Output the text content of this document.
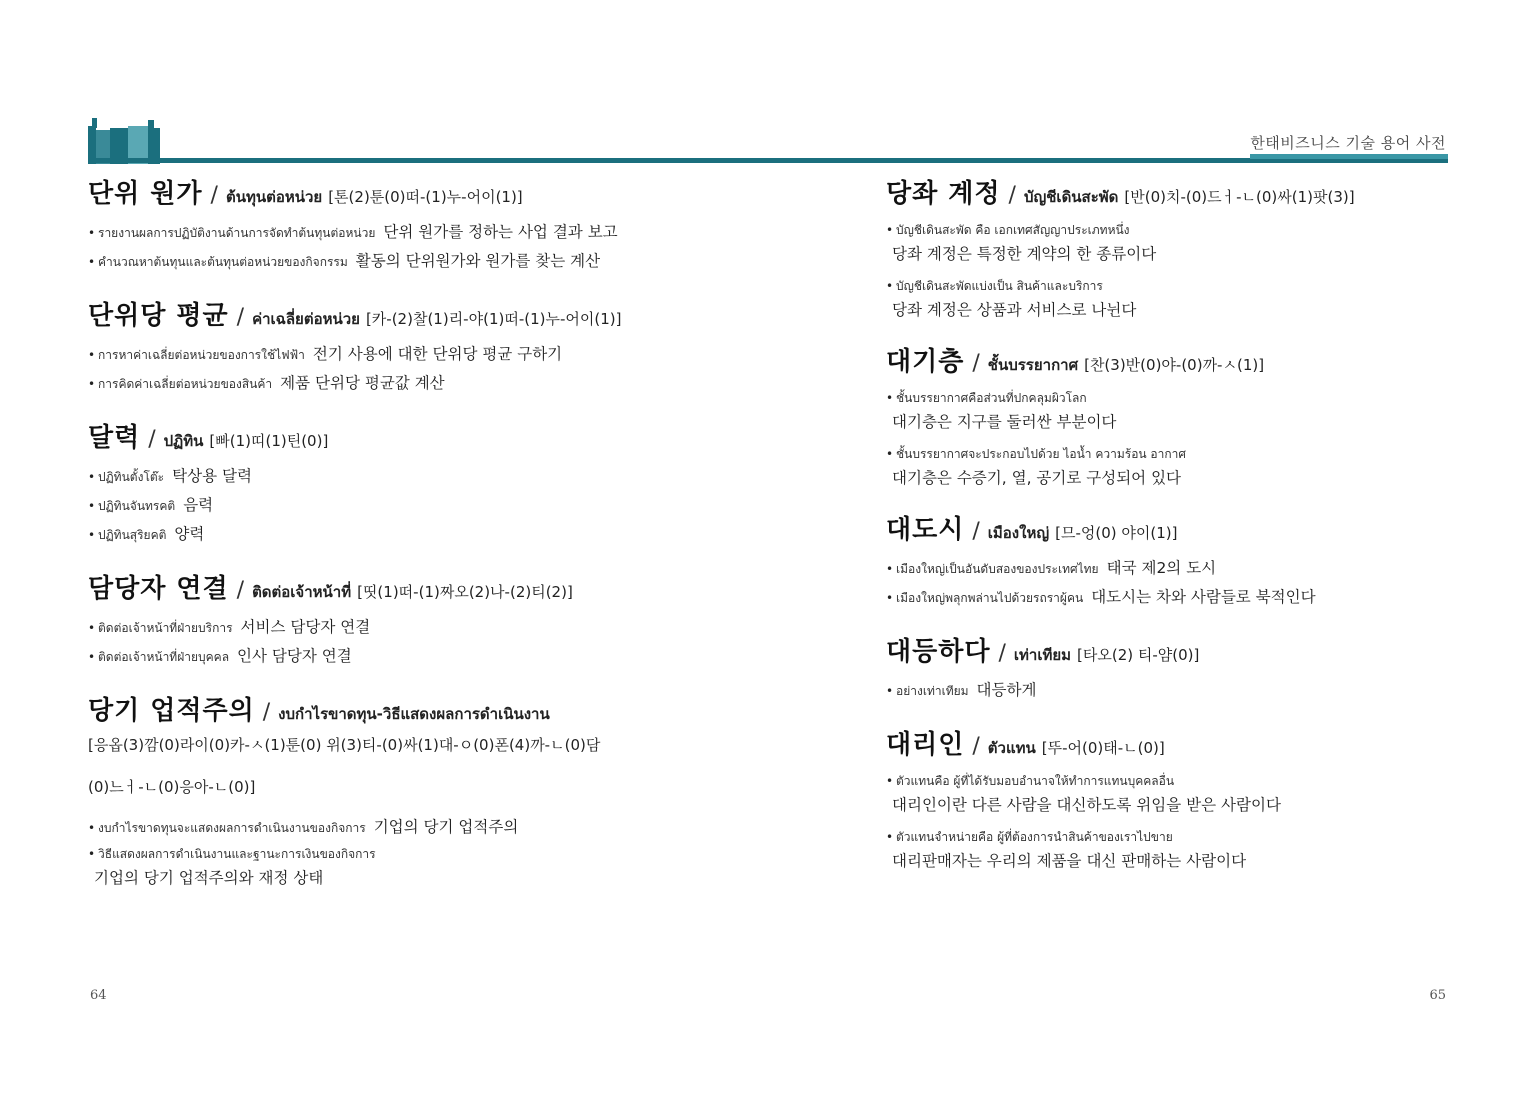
한태비즈니스 기술 용어 사전
단위 원가 / ต้นทุนต่อหน่วย [톤(2)툰(0)떠-(1)누-어이(1)]
• รายงานผลการปฏิบัติงานด้านการจัดทำต้นทุนต่อหน่วย 단위 원가를 정하는 사업 결과 보고
• คำนวณหาต้นทุนและต้นทุนต่อหน่วยของกิจกรรม 활동의 단위원가와 원가를 찾는 계산
단위당 평균 / ค่าเฉลี่ยต่อหน่วย [카-(2)찰(1)리-야(1)떠-(1)누-어이(1)]
• การหาค่าเฉลี่ยต่อหน่วยของการใช้ไฟฟ้า 전기 사용에 대한 단위당 평균 구하기
• การคิดค่าเฉลี่ยต่อหน่วยของสินค้า 제품 단위당 평균값 계산
달력 / ปฏิทิน [빠(1)띠(1)틴(0)]
• ปฏิทินตั้งโต๊ะ 탁상용 달력
• ปฏิทินจันทรคติ 음력
• ปฏิทินสุริยคติ 양력
담당자 연결 / ติดต่อเจ้าหน้าที่ [띳(1)떠-(1)짜오(2)나-(2)티(2)]
• ติดต่อเจ้าหน้าที่ฝ่ายบริการ 서비스 담당자 연결
• ติดต่อเจ้าหน้าที่ฝ่ายบุคคล 인사 담당자 연결
당기 업적주의 / งบกำไรขาดทุน-วิธีแสดงผลการดำเนินงาน
[응옵(3)깜(0)라이(0)카-ㅅ(1)툰(0) 위(3)티-(0)싸(1)대-ㅇ(0)폰(4)까-ㄴ(0)담
(0)느ㅓ-ㄴ(0)응아-ㄴ(0)]
• งบกำไรขาดทุนจะแสดงผลการดำเนินงานของกิจการ 기업의 당기 업적주의
• วิธีแสดงผลการดำเนินงานและฐานะการเงินของกิจการ
기업의 당기 업적주의와 재정 상태
당좌 계정 / บัญชีเดินสะพัด [반(0)치-(0)드ㅓ-ㄴ(0)싸(1)팟(3)]
• บัญชีเดินสะพัด คือ เอกเทศสัญญาประเภทหนึ่ง
당좌 계정은 특정한 계약의 한 종류이다
• บัญชีเดินสะพัดแบ่งเป็น สินค้าและบริการ
당좌 계정은 상품과 서비스로 나뉜다
대기층 / ชั้นบรรยากาศ [찬(3)반(0)야-(0)까-ㅅ(1)]
• ชั้นบรรยากาศคือส่วนที่ปกคลุมผิวโลก
대기층은 지구를 둘러싼 부분이다
• ชั้นบรรยากาศจะประกอบไปด้วย ไอน้ำ ความร้อน อากาศ
대기층은 수증기, 열, 공기로 구성되어 있다
대도시 / เมืองใหญ่ [므-엉(0) 야이(1)]
• เมืองใหญ่เป็นอันดับสองของประเทศไทย 태국 제2의 도시
• เมืองใหญ่พลุกพล่านไปด้วยรถราผู้คน 대도시는 차와 사람들로 북적인다
대등하다 / เท่าเทียม [타오(2) 티-얌(0)]
• อย่างเท่าเทียม 대등하게
대리인 / ตัวแทน [뚜-어(0)태-ㄴ(0)]
• ตัวแทนคือ ผู้ที่ได้รับมอบอำนาจให้ทำการแทนบุคคลอื่น
대리인이란 다른 사람을 대신하도록 위임을 받은 사람이다
• ตัวแทนจำหน่ายคือ ผู้ที่ต้องการนำสินค้าของเราไปขาย
대리판매자는 우리의 제품을 대신 판매하는 사람이다
64	65
